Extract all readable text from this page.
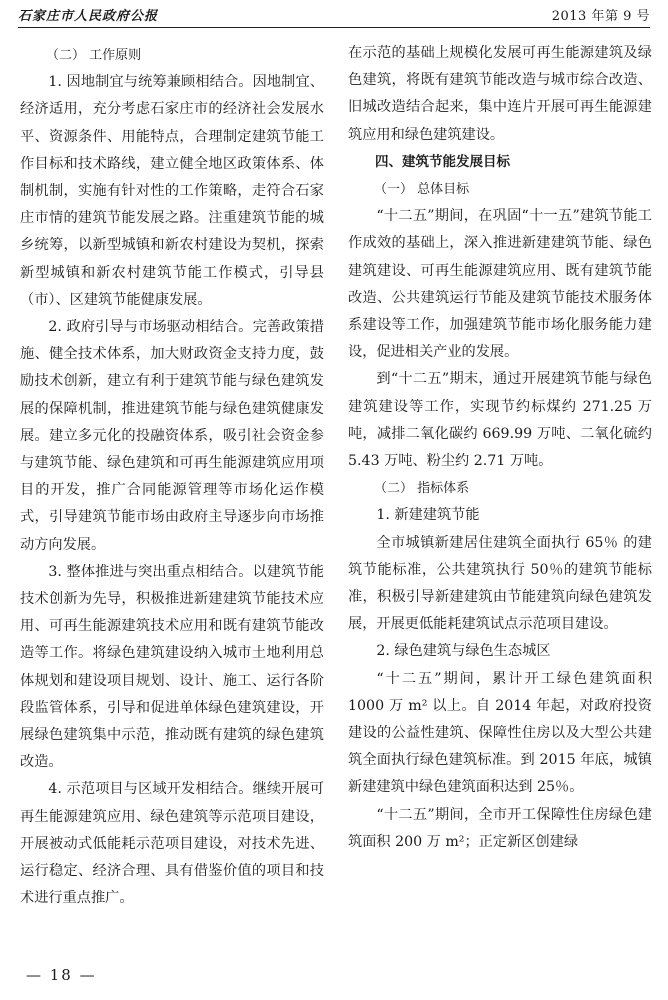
石家庄市人民政府公报	2013 年第 9 号

（二） 工作原则

1. 因地制宜与统筹兼顾相结合。因地制宜、经济适用，充分考虑石家庄市的经济社会发展水平、资源条件、用能特点，合理制定建筑节能工作目标和技术路线，建立健全地区政策体系、体制机制，实施有针对性的工作策略，走符合石家庄市情的建筑节能发展之路。注重建筑节能的城乡统筹，以新型城镇和新农村建设为契机，探索新型城镇和新农村建筑节能工作模式，引导县（市）、区建筑节能健康发展。

2. 政府引导与市场驱动相结合。完善政策措施、健全技术体系，加大财政资金支持力度，鼓励技术创新，建立有利于建筑节能与绿色建筑发展的保障机制，推进建筑节能与绿色建筑健康发展。建立多元化的投融资体系，吸引社会资金参与建筑节能、绿色建筑和可再生能源建筑应用项目的开发，推广合同能源管理等市场化运作模式，引导建筑节能市场由政府主导逐步向市场推动方向发展。

3. 整体推进与突出重点相结合。以建筑节能技术创新为先导，积极推进新建建筑节能技术应用、可再生能源建筑技术应用和既有建筑节能改造等工作。将绿色建筑建设纳入城市土地利用总体规划和建设项目规划、设计、施工、运行各阶段监管体系，引导和促进单体绿色建筑建设，开展绿色建筑集中示范，推动既有建筑的绿色建筑改造。

4. 示范项目与区域开发相结合。继续开展可再生能源建筑应用、绿色建筑等示范项目建设，开展被动式低能耗示范项目建设，对技术先进、运行稳定、经济合理、具有借鉴价值的项目和技术进行重点推广。

在示范的基础上规模化发展可再生能源建筑及绿色建筑，将既有建筑节能改造与城市综合改造、旧城改造结合起来，集中连片开展可再生能源建筑应用和绿色建筑建设。

四、建筑节能发展目标

（一） 总体目标

“十二五”期间，在巩固“十一五”建筑节能工作成效的基础上，深入推进新建建筑节能、绿色建筑建设、可再生能源建筑应用、既有建筑节能改造、公共建筑运行节能及建筑节能技术服务体系建设等工作，加强建筑节能市场化服务能力建设，促进相关产业的发展。

到“十二五”期末，通过开展建筑节能与绿色建筑建设等工作，实现节约标煤约 271.25 万吨，减排二氧化碳约 669.99 万吨、二氧化硫约 5.43 万吨、粉尘约 2.71 万吨。

（二） 指标体系

1. 新建建筑节能

全市城镇新建居住建筑全面执行 65％ 的建筑节能标准，公共建筑执行 50％的建筑节能标准，积极引导新建建筑由节能建筑向绿色建筑发展，开展更低能耗建筑试点示范项目建设。

2. 绿色建筑与绿色生态城区

“十二五”期间，累计开工绿色建筑面积 1000 万 m² 以上。自 2014 年起，对政府投资建设的公益性建筑、保障性住房以及大型公共建筑全面执行绿色建筑标准。到 2015 年底，城镇新建建筑中绿色建筑面积达到 25％。

“十二五”期间，全市开工保障性住房绿色建筑面积 200 万 m²；正定新区创建绿

— 18 —
